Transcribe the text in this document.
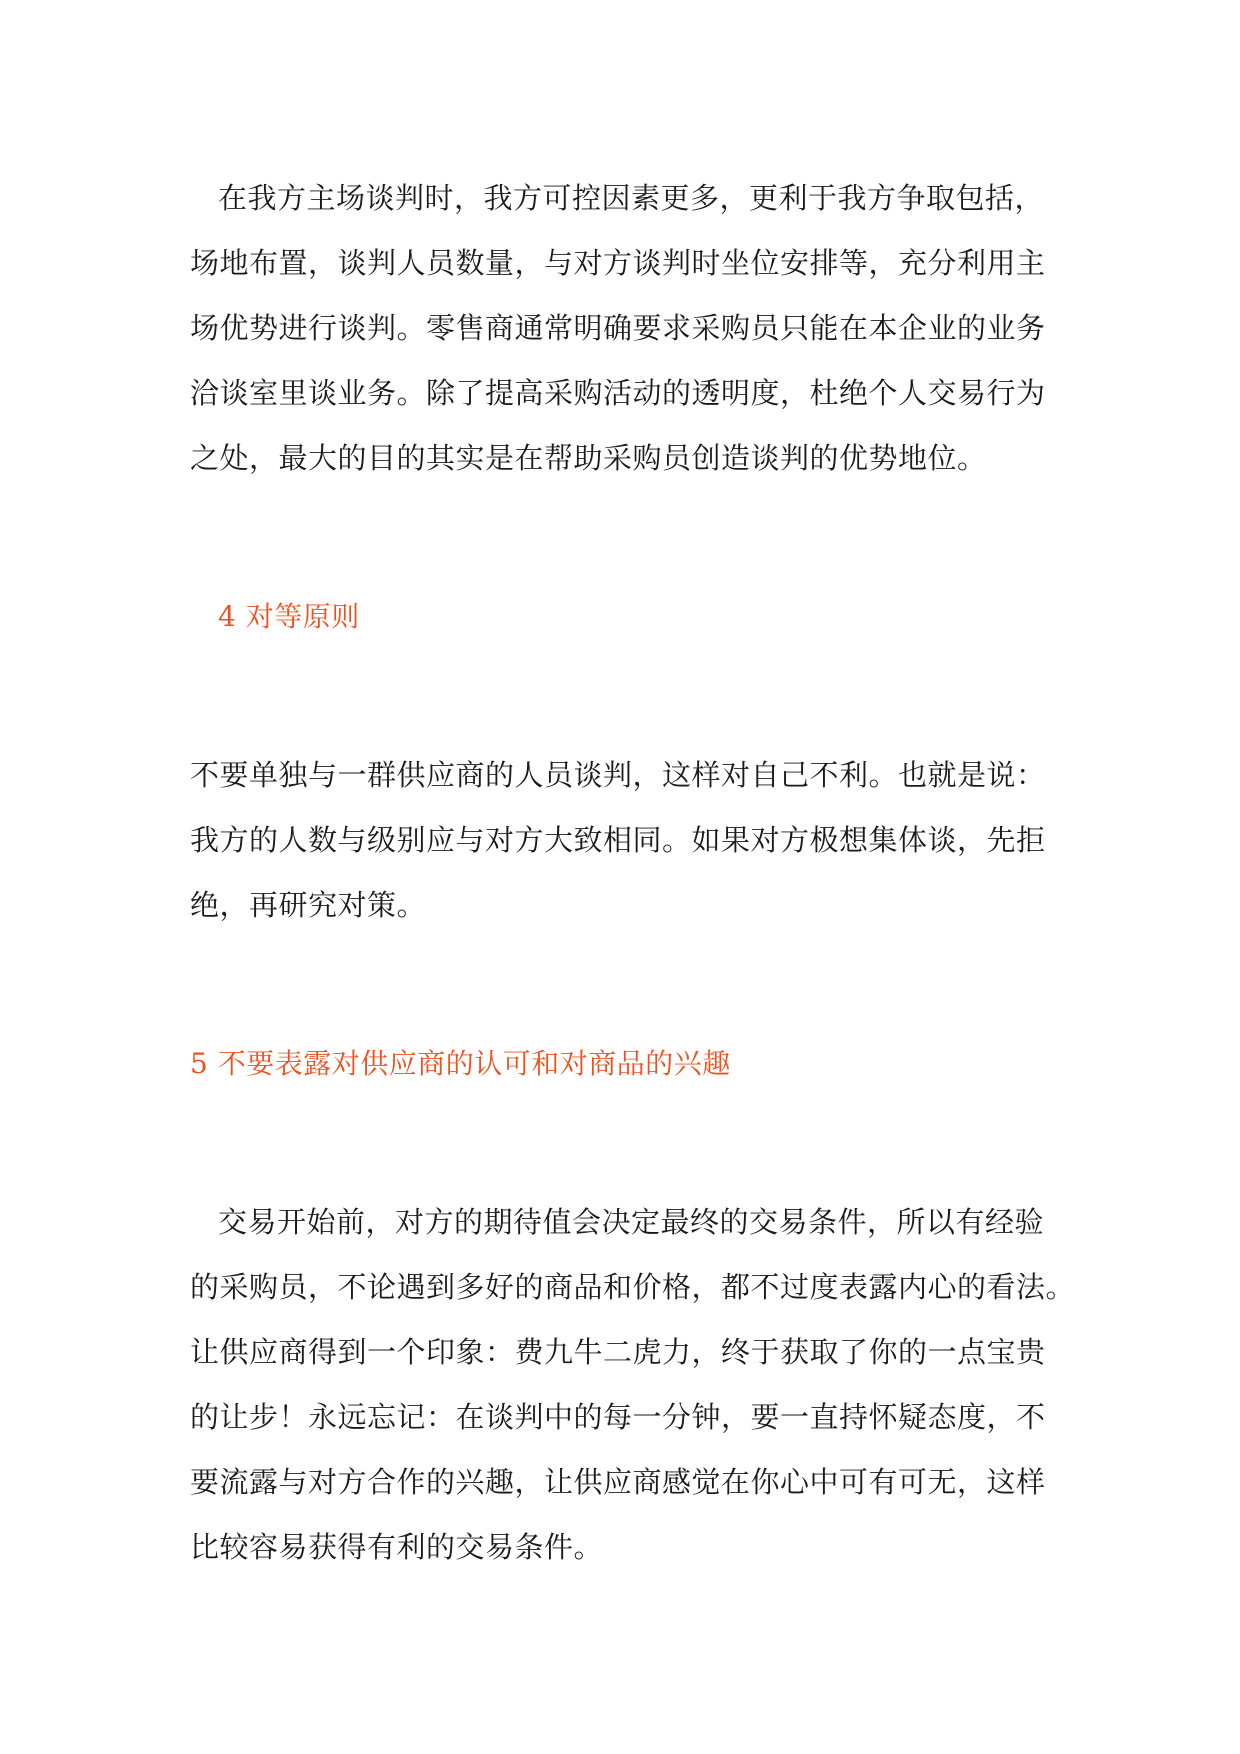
在我方主场谈判时，我方可控因素更多，更利于我方争取包括，
场地布置，谈判人员数量，与对方谈判时坐位安排等，充分利用主
场优势进行谈判。零售商通常明确要求采购员只能在本企业的业务
洽谈室里谈业务。除了提高采购活动的透明度，杜绝个人交易行为
之处，最大的目的其实是在帮助采购员创造谈判的优势地位。
4 对等原则
不要单独与一群供应商的人员谈判，这样对自己不利。也就是说：
我方的人数与级别应与对方大致相同。如果对方极想集体谈，先拒
绝，再研究对策。
5 不要表露对供应商的认可和对商品的兴趣
交易开始前，对方的期待值会决定最终的交易条件，所以有经验
的采购员，不论遇到多好的商品和价格，都不过度表露内心的看法。
让供应商得到一个印象：费九牛二虎力，终于获取了你的一点宝贵
的让步！永远忘记：在谈判中的每一分钟，要一直持怀疑态度，不
要流露与对方合作的兴趣，让供应商感觉在你心中可有可无，这样
比较容易获得有利的交易条件。
